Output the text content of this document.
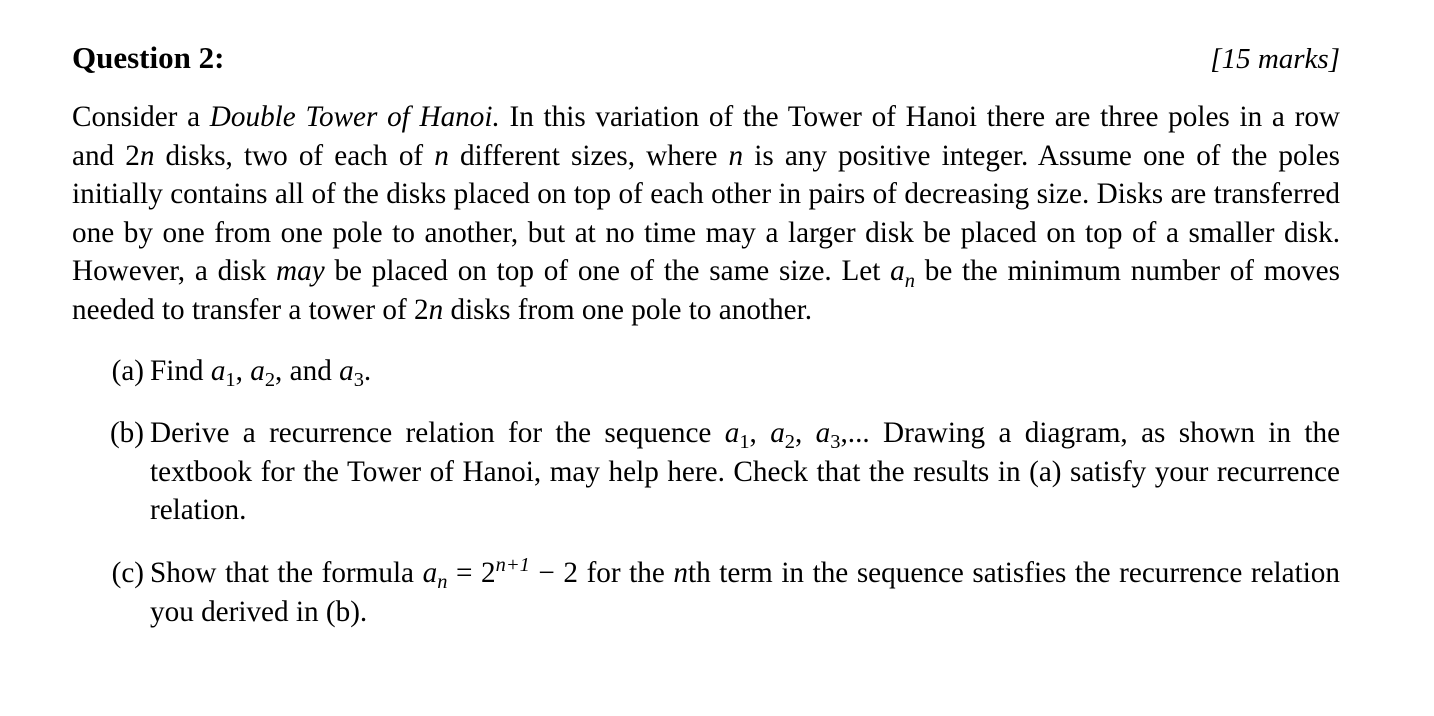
Question 2:	[15 marks]
Consider a Double Tower of Hanoi. In this variation of the Tower of Hanoi there are three poles in a row and 2n disks, two of each of n different sizes, where n is any positive integer. Assume one of the poles initially contains all of the disks placed on top of each other in pairs of decreasing size. Disks are transferred one by one from one pole to another, but at no time may a larger disk be placed on top of a smaller disk. However, a disk may be placed on top of one of the same size. Let $a_n$ be the minimum number of moves needed to transfer a tower of 2n disks from one pole to another.
(a) Find $a_1$, $a_2$, and $a_3$.
(b) Derive a recurrence relation for the sequence $a_1$, $a_2$, $a_3$,... Drawing a diagram, as shown in the textbook for the Tower of Hanoi, may help here. Check that the results in (a) satisfy your recurrence relation.
(c) Show that the formula $a_n = 2^{n+1} - 2$ for the nth term in the sequence satisfies the recurrence relation you derived in (b).
